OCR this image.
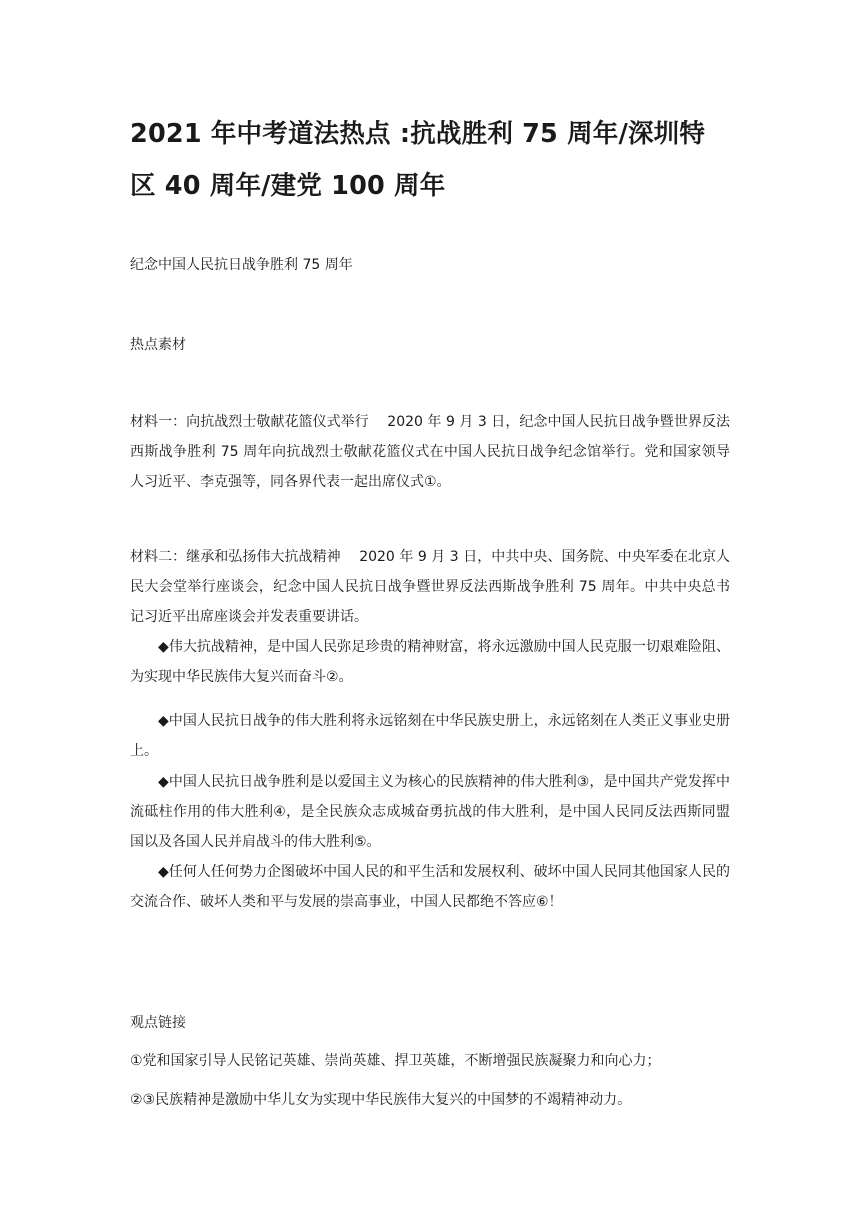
2021 年中考道法热点 :抗战胜利 75 周年/深圳特区 40 周年/建党 100 周年

纪念中国人民抗日战争胜利 75 周年

热点素材

材料一：向抗战烈士敬献花篮仪式举行　 2020 年 9 月 3 日，纪念中国人民抗日战争暨世界反法西斯战争胜利 75 周年向抗战烈士敬献花篮仪式在中国人民抗日战争纪念馆举行。党和国家领导人习近平、李克强等，同各界代表一起出席仪式①。

材料二：继承和弘扬伟大抗战精神　 2020 年 9 月 3 日，中共中央、国务院、中央军委在北京人民大会堂举行座谈会，纪念中国人民抗日战争暨世界反法西斯战争胜利 75 周年。中共中央总书记习近平出席座谈会并发表重要讲话。

◆伟大抗战精神，是中国人民弥足珍贵的精神财富，将永远激励中国人民克服一切艰难险阻、为实现中华民族伟大复兴而奋斗②。

◆中国人民抗日战争的伟大胜利将永远铭刻在中华民族史册上，永远铭刻在人类正义事业史册上。

◆中国人民抗日战争胜利是以爱国主义为核心的民族精神的伟大胜利③，是中国共产党发挥中流砥柱作用的伟大胜利④，是全民族众志成城奋勇抗战的伟大胜利，是中国人民同反法西斯同盟国以及各国人民并肩战斗的伟大胜利⑤。

◆任何人任何势力企图破坏中国人民的和平生活和发展权利、破坏中国人民同其他国家人民的交流合作、破坏人类和平与发展的崇高事业，中国人民都绝不答应⑥！

观点链接

①党和国家引导人民铭记英雄、崇尚英雄、捍卫英雄，不断增强民族凝聚力和向心力；

②③民族精神是激励中华儿女为实现中华民族伟大复兴的中国梦的不竭精神动力。
